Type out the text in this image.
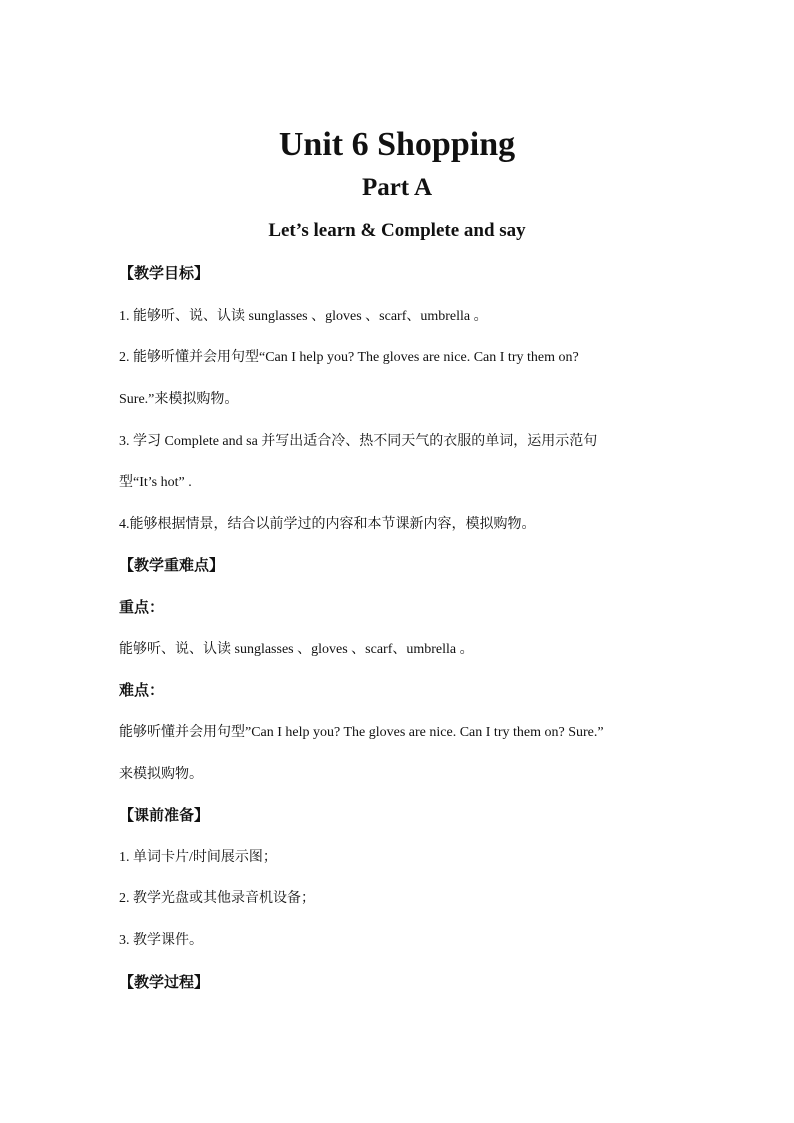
Unit 6 Shopping
Part A
Let’s learn & Complete and say
【教学目标】
1. 能够听、说、认读 sunglasses 、gloves 、scarf、umbrella 。
2. 能够听懂并会用句型“Can I help you? The gloves are nice. Can I try them on?
Sure.”来模拟购物。
3. 学习 Complete and sa 并写出适合冷、热不同天气的衣服的单词，运用示范句
型“It’s hot” .
4.能够根据情景，结合以前学过的内容和本节课新内容，模拟购物。
【教学重难点】
重点：
能够听、说、认读 sunglasses 、gloves 、scarf、umbrella 。
难点：
能够听懂并会用句型”Can I help you? The gloves are nice. Can I try them on? Sure.”
来模拟购物。
【课前准备】
1. 单词卡片/时间展示图；
2. 教学光盘或其他录音机设备；
3. 教学课件。
【教学过程】
